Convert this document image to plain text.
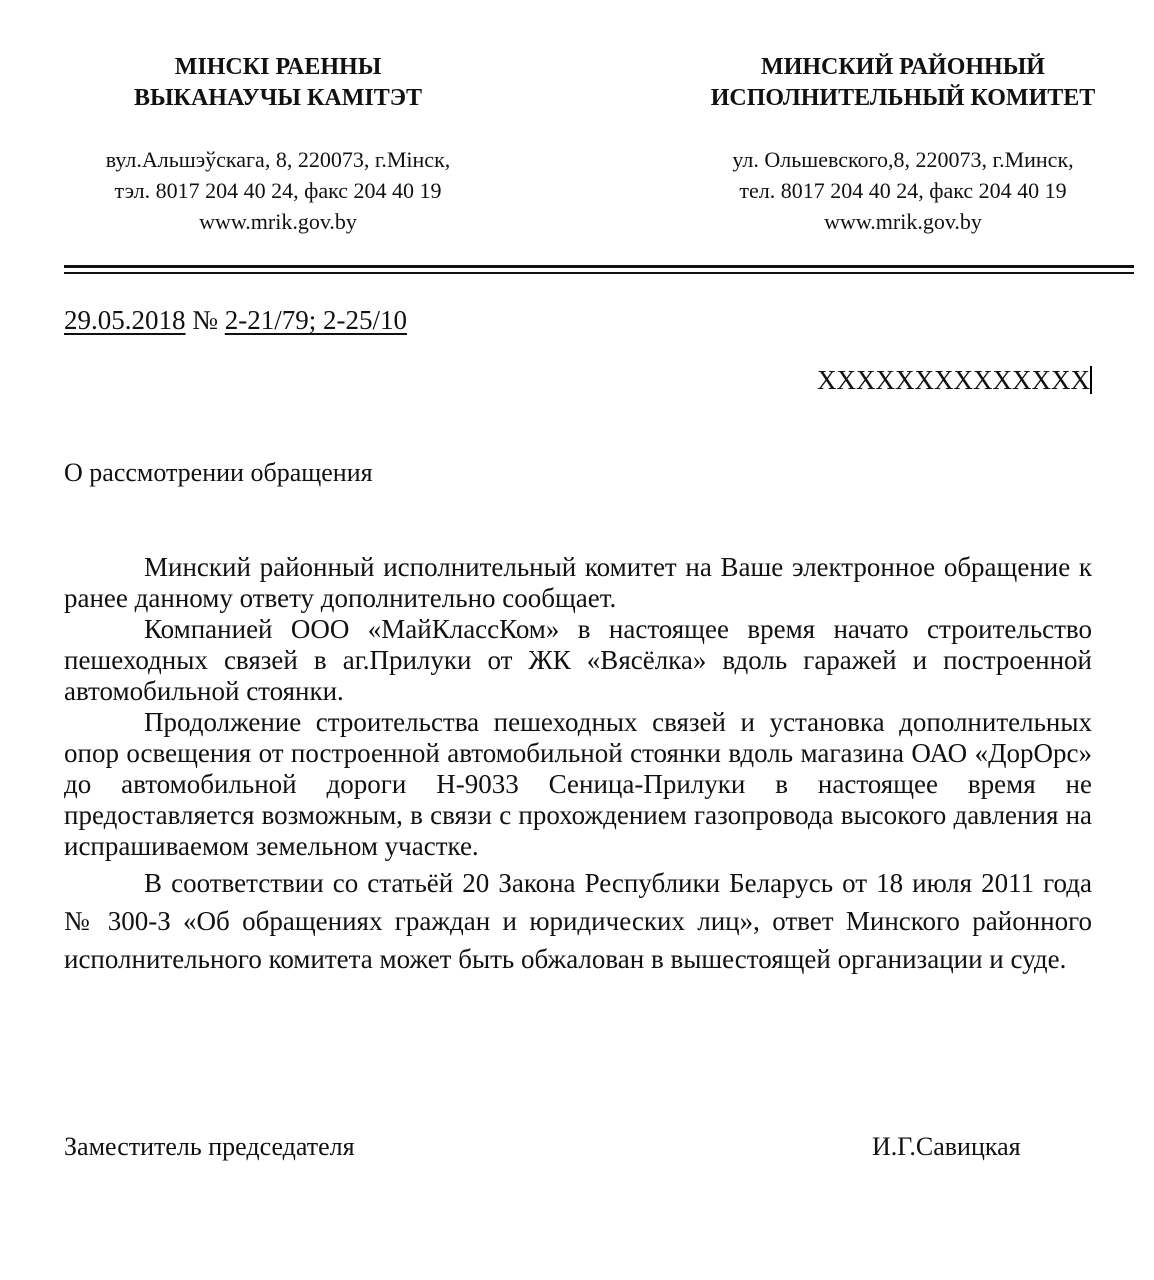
МІНСКІ РАЕННЫ
ВЫКАНАУЧЫ КАМІТЭТ
вул.Альшэўскага, 8, 220073, г.Мінск,
тэл. 8017 204 40 24, факс 204 40 19
www.mrik.gov.by
МИНСКИЙ РАЙОННЫЙ
ИСПОЛНИТЕЛЬНЫЙ КОМИТЕТ
ул. Ольшевского,8, 220073, г.Минск,
тел. 8017 204 40 24, факс 204 40 19
www.mrik.gov.by
29.05.2018 № 2-21/79; 2-25/10
XXXXXXXXXXXXXX
О рассмотрении обращения

Минский районный исполнительный комитет на Ваше электронное обращение к ранее данному ответу дополнительно сообщает.

Компанией ООО «МайКлассКом» в настоящее время начато строительство пешеходных связей в аг.Прилуки от ЖК «Вясёлка» вдоль гаражей и построенной автомобильной стоянки.

Продолжение строительства пешеходных связей и установка дополнительных опор освещения от построенной автомобильной стоянки вдоль магазина ОАО «ДорОрс» до автомобильной дороги Н-9033 Сеница-Прилуки в настоящее время не предоставляется возможным, в связи с прохождением газопровода высокого давления на испрашиваемом земельном участке.

В соответствии со статьёй 20 Закона Республики Беларусь от 18 июля 2011 года № 300-З «Об обращениях граждан и юридических лиц», ответ Минского районного исполнительного комитета может быть обжалован в вышестоящей организации и суде.

Заместитель председателя	И.Г.Савицкая
